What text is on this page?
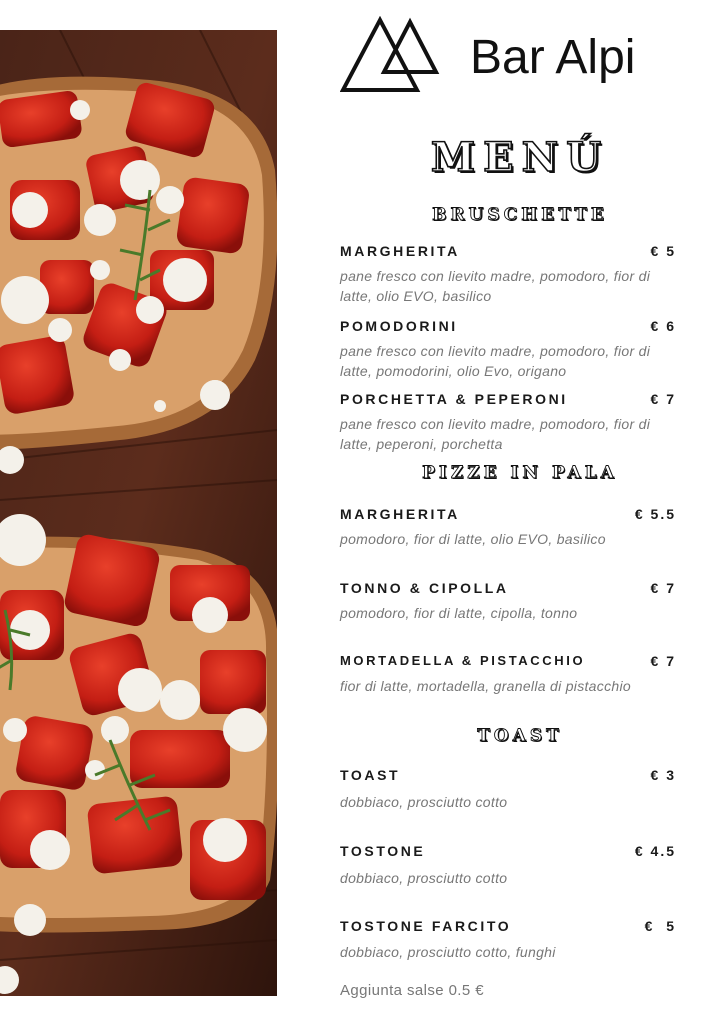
Bar Alpi
MENÚ
BRUSCHETTE
MARGHERITA	€ 5
pane fresco con lievito madre, pomodoro, fior di latte, olio EVO, basilico
POMODORINI	€ 6
pane fresco con lievito madre, pomodoro, fior di latte, pomodorini, olio Evo, origano
PORCHETTA & PEPERONI	€ 7
pane fresco con lievito madre, pomodoro, fior di latte, peperoni, porchetta
PIZZE IN PALA
MARGHERITA	€ 5.5
pomodoro, fior di latte, olio EVO, basilico
TONNO & CIPOLLA	€ 7
pomodoro, fior di latte, cipolla, tonno
MORTADELLA & PISTACCHIO	€ 7
fior di latte, mortadella, granella di pistacchio
TOAST
TOAST	€ 3
dobbiaco, prosciutto cotto
TOSTONE	€ 4.5
dobbiaco, prosciutto cotto
TOSTONE FARCITO	€  5
dobbiaco, prosciutto cotto, funghi
Aggiunta salse 0.5 €
